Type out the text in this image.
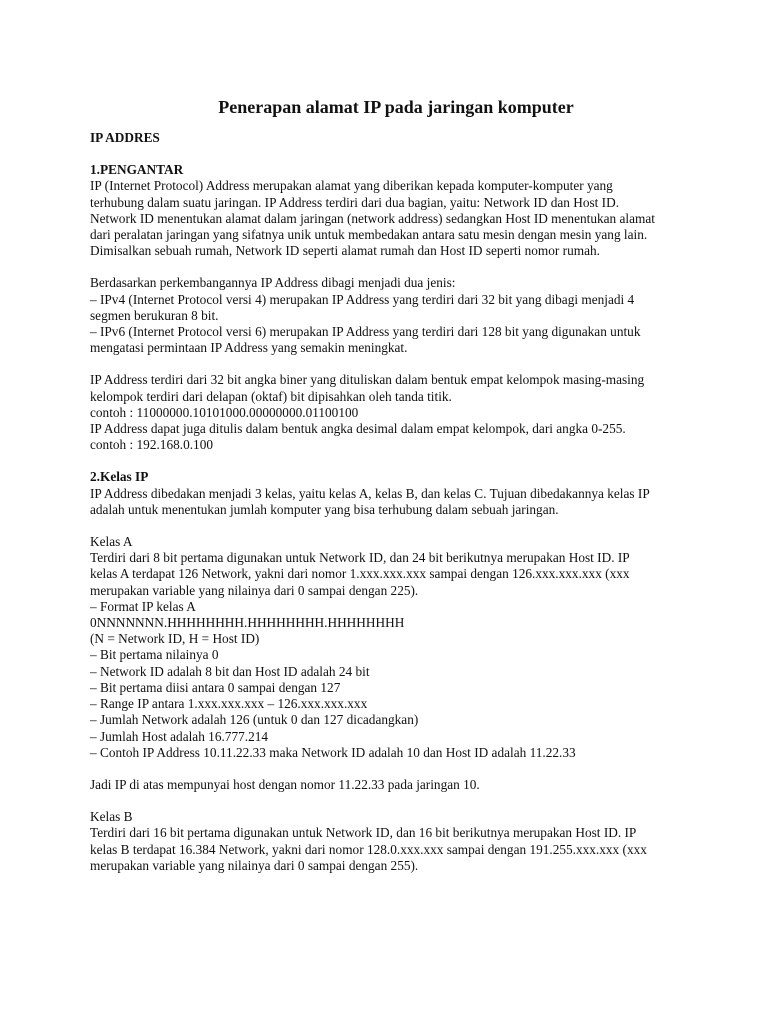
Penerapan alamat IP pada jaringan komputer

IP ADDRES

1.PENGANTAR

IP (Internet Protocol) Address merupakan alamat yang diberikan kepada komputer-komputer yang

terhubung dalam suatu jaringan. IP Address terdiri dari dua bagian, yaitu: Network ID dan Host ID.

Network ID menentukan alamat dalam jaringan (network address) sedangkan Host ID menentukan alamat

dari peralatan jaringan yang sifatnya unik untuk membedakan antara satu mesin dengan mesin yang lain.

Dimisalkan sebuah rumah, Network ID seperti alamat rumah dan Host ID seperti nomor rumah.

Berdasarkan perkembangannya IP Address dibagi menjadi dua jenis:

– IPv4 (Internet Protocol versi 4) merupakan IP Address yang terdiri dari 32 bit yang dibagi menjadi 4

segmen berukuran 8 bit.

– IPv6 (Internet Protocol versi 6) merupakan IP Address yang terdiri dari 128 bit yang digunakan untuk

mengatasi permintaan IP Address yang semakin meningkat.

IP Address terdiri dari 32 bit angka biner yang dituliskan dalam bentuk empat kelompok masing-masing

kelompok terdiri dari delapan (oktaf) bit dipisahkan oleh tanda titik.

contoh : 11000000.10101000.00000000.01100100

IP Address dapat juga ditulis dalam bentuk angka desimal dalam empat kelompok, dari angka 0-255.

contoh : 192.168.0.100

2.Kelas IP

IP Address dibedakan menjadi 3 kelas, yaitu kelas A, kelas B, dan kelas C. Tujuan dibedakannya kelas IP

adalah untuk menentukan jumlah komputer yang bisa terhubung dalam sebuah jaringan.

Kelas A

Terdiri dari 8 bit pertama digunakan untuk Network ID, dan 24 bit berikutnya merupakan Host ID. IP

kelas A terdapat 126 Network, yakni dari nomor 1.xxx.xxx.xxx sampai dengan 126.xxx.xxx.xxx (xxx

merupakan variable yang nilainya dari 0 sampai dengan 225).

– Format IP kelas A

0NNNNNNN.HHHHHHHH.HHHHHHHH.HHHHHHHH

(N = Network ID, H = Host ID)

– Bit pertama nilainya 0

– Network ID adalah 8 bit dan Host ID adalah 24 bit

– Bit pertama diisi antara 0 sampai dengan 127

– Range IP antara 1.xxx.xxx.xxx – 126.xxx.xxx.xxx

– Jumlah Network adalah 126 (untuk 0 dan 127 dicadangkan)

– Jumlah Host adalah 16.777.214

– Contoh IP Address 10.11.22.33 maka Network ID adalah 10 dan Host ID adalah 11.22.33

Jadi IP di atas mempunyai host dengan nomor 11.22.33 pada jaringan 10.

Kelas B

Terdiri dari 16 bit pertama digunakan untuk Network ID, dan 16 bit berikutnya merupakan Host ID. IP

kelas B terdapat 16.384 Network, yakni dari nomor 128.0.xxx.xxx sampai dengan 191.255.xxx.xxx (xxx

merupakan variable yang nilainya dari 0 sampai dengan 255).
